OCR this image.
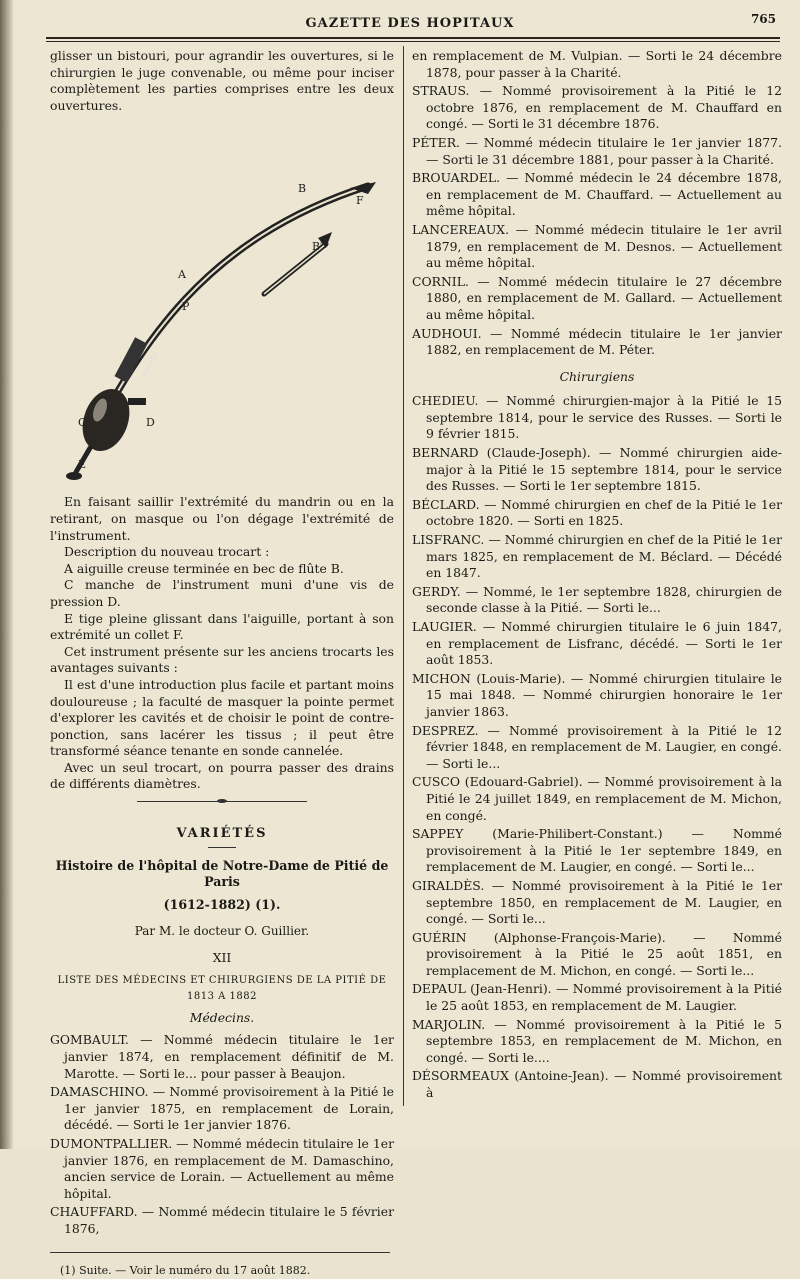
GAZETTE DES HOPITAUX	765

glisser un bistouri, pour agrandir les ouvertures, si le chirurgien le juge convenable, ou même pour inciser complètement les parties comprises entre les deux ouvertures.

B
F
B′
A
P
C	D
E
MATHIEU

En faisant saillir l'extrémité du mandrin ou en la retirant, on masque ou l'on dégage l'extrémité de l'instrument.

Description du nouveau trocart :

A aiguille creuse terminée en bec de flûte B.

C manche de l'instrument muni d'une vis de pression D.

E tige pleine glissant dans l'aiguille, portant à son extrémité un collet F.

Cet instrument présente sur les anciens trocarts les avantages suivants :

Il est d'une introduction plus facile et partant moins douloureuse ; la faculté de masquer la pointe permet d'explorer les cavités et de choisir le point de contre-ponction, sans lacérer les tissus ; il peut être transformé séance tenante en sonde cannelée.

Avec un seul trocart, on pourra passer des drains de différents diamètres.

VARIÉTÉS
Histoire de l'hôpital de Notre-Dame de Pitié de Paris
(1612-1882) (1).
Par M. le docteur O. Guillier.
XII
LISTE DES MÉDECINS ET CHIRURGIENS DE LA PITIÉ DE 1813 A 1882
Médecins.

GOMBAULT. — Nommé médecin titulaire le 1er janvier 1874, en remplacement définitif de M. Marotte. — Sorti le... pour passer à Beaujon.

DAMASCHINO. — Nommé provisoirement à la Pitié le 1er janvier 1875, en remplacement de Lorain, décédé. — Sorti le 1er janvier 1876.

DUMONTPALLIER. — Nommé médecin titulaire le 1er janvier 1876, en remplacement de M. Damaschino, ancien service de Lorain. — Actuellement au même hôpital.

CHAUFFARD. — Nommé médecin titulaire le 5 février 1876,

(1) Suite. — Voir le numéro du 17 août 1882.

en remplacement de M. Vulpian. — Sorti le 24 décembre 1878, pour passer à la Charité.

STRAUS. — Nommé provisoirement à la Pitié le 12 octobre 1876, en remplacement de M. Chauffard en congé. — Sorti le 31 décembre 1876.

PÉTER. — Nommé médecin titulaire le 1er janvier 1877. — Sorti le 31 décembre 1881, pour passer à la Charité.

BROUARDEL. — Nommé médecin le 24 décembre 1878, en remplacement de M. Chauffard. — Actuellement au même hôpital.

LANCEREAUX. — Nommé médecin titulaire le 1er avril 1879, en remplacement de M. Desnos. — Actuellement au même hôpital.

CORNIL. — Nommé médecin titulaire le 27 décembre 1880, en remplacement de M. Gallard. — Actuellement au même hôpital.

AUDHOUI. — Nommé médecin titulaire le 1er janvier 1882, en remplacement de M. Péter.

Chirurgiens

CHEDIEU. — Nommé chirurgien-major à la Pitié le 15 septembre 1814, pour le service des Russes. — Sorti le 9 février 1815.

BERNARD (Claude-Joseph). — Nommé chirurgien aide-major à la Pitié le 15 septembre 1814, pour le service des Russes. — Sorti le 1er septembre 1815.

BÉCLARD. — Nommé chirurgien en chef de la Pitié le 1er octobre 1820. — Sorti en 1825.

LISFRANC. — Nommé chirurgien en chef de la Pitié le 1er mars 1825, en remplacement de M. Béclard. — Décédé en 1847.

GERDY. — Nommé, le 1er septembre 1828, chirurgien de seconde classe à la Pitié. — Sorti le...

LAUGIER. — Nommé chirurgien titulaire le 6 juin 1847, en remplacement de Lisfranc, décédé. — Sorti le 1er août 1853.

MICHON (Louis-Marie). — Nommé chirurgien titulaire le 15 mai 1848. — Nommé chirurgien honoraire le 1er janvier 1863.

DESPREZ. — Nommé provisoirement à la Pitié le 12 février 1848, en remplacement de M. Laugier, en congé. — Sorti le...

CUSCO (Edouard-Gabriel). — Nommé provisoirement à la Pitié le 24 juillet 1849, en remplacement de M. Michon, en congé.

SAPPEY (Marie-Philibert-Constant.) — Nommé provisoirement à la Pitié le 1er septembre 1849, en remplacement de M. Laugier, en congé. — Sorti le...

GIRALDÈS. — Nommé provisoirement à la Pitié le 1er septembre 1850, en remplacement de M. Laugier, en congé. — Sorti le...

GUÉRIN (Alphonse-François-Marie). — Nommé provisoirement à la Pitié le 25 août 1851, en remplacement de M. Michon, en congé. — Sorti le...

DEPAUL (Jean-Henri). — Nommé provisoirement à la Pitié le 25 août 1853, en remplacement de M. Laugier.

MARJOLIN. — Nommé provisoirement à la Pitié le 5 septembre 1853, en remplacement de M. Michon, en congé. — Sorti le....

DÉSORMEAUX (Antoine-Jean). — Nommé provisoirement à
